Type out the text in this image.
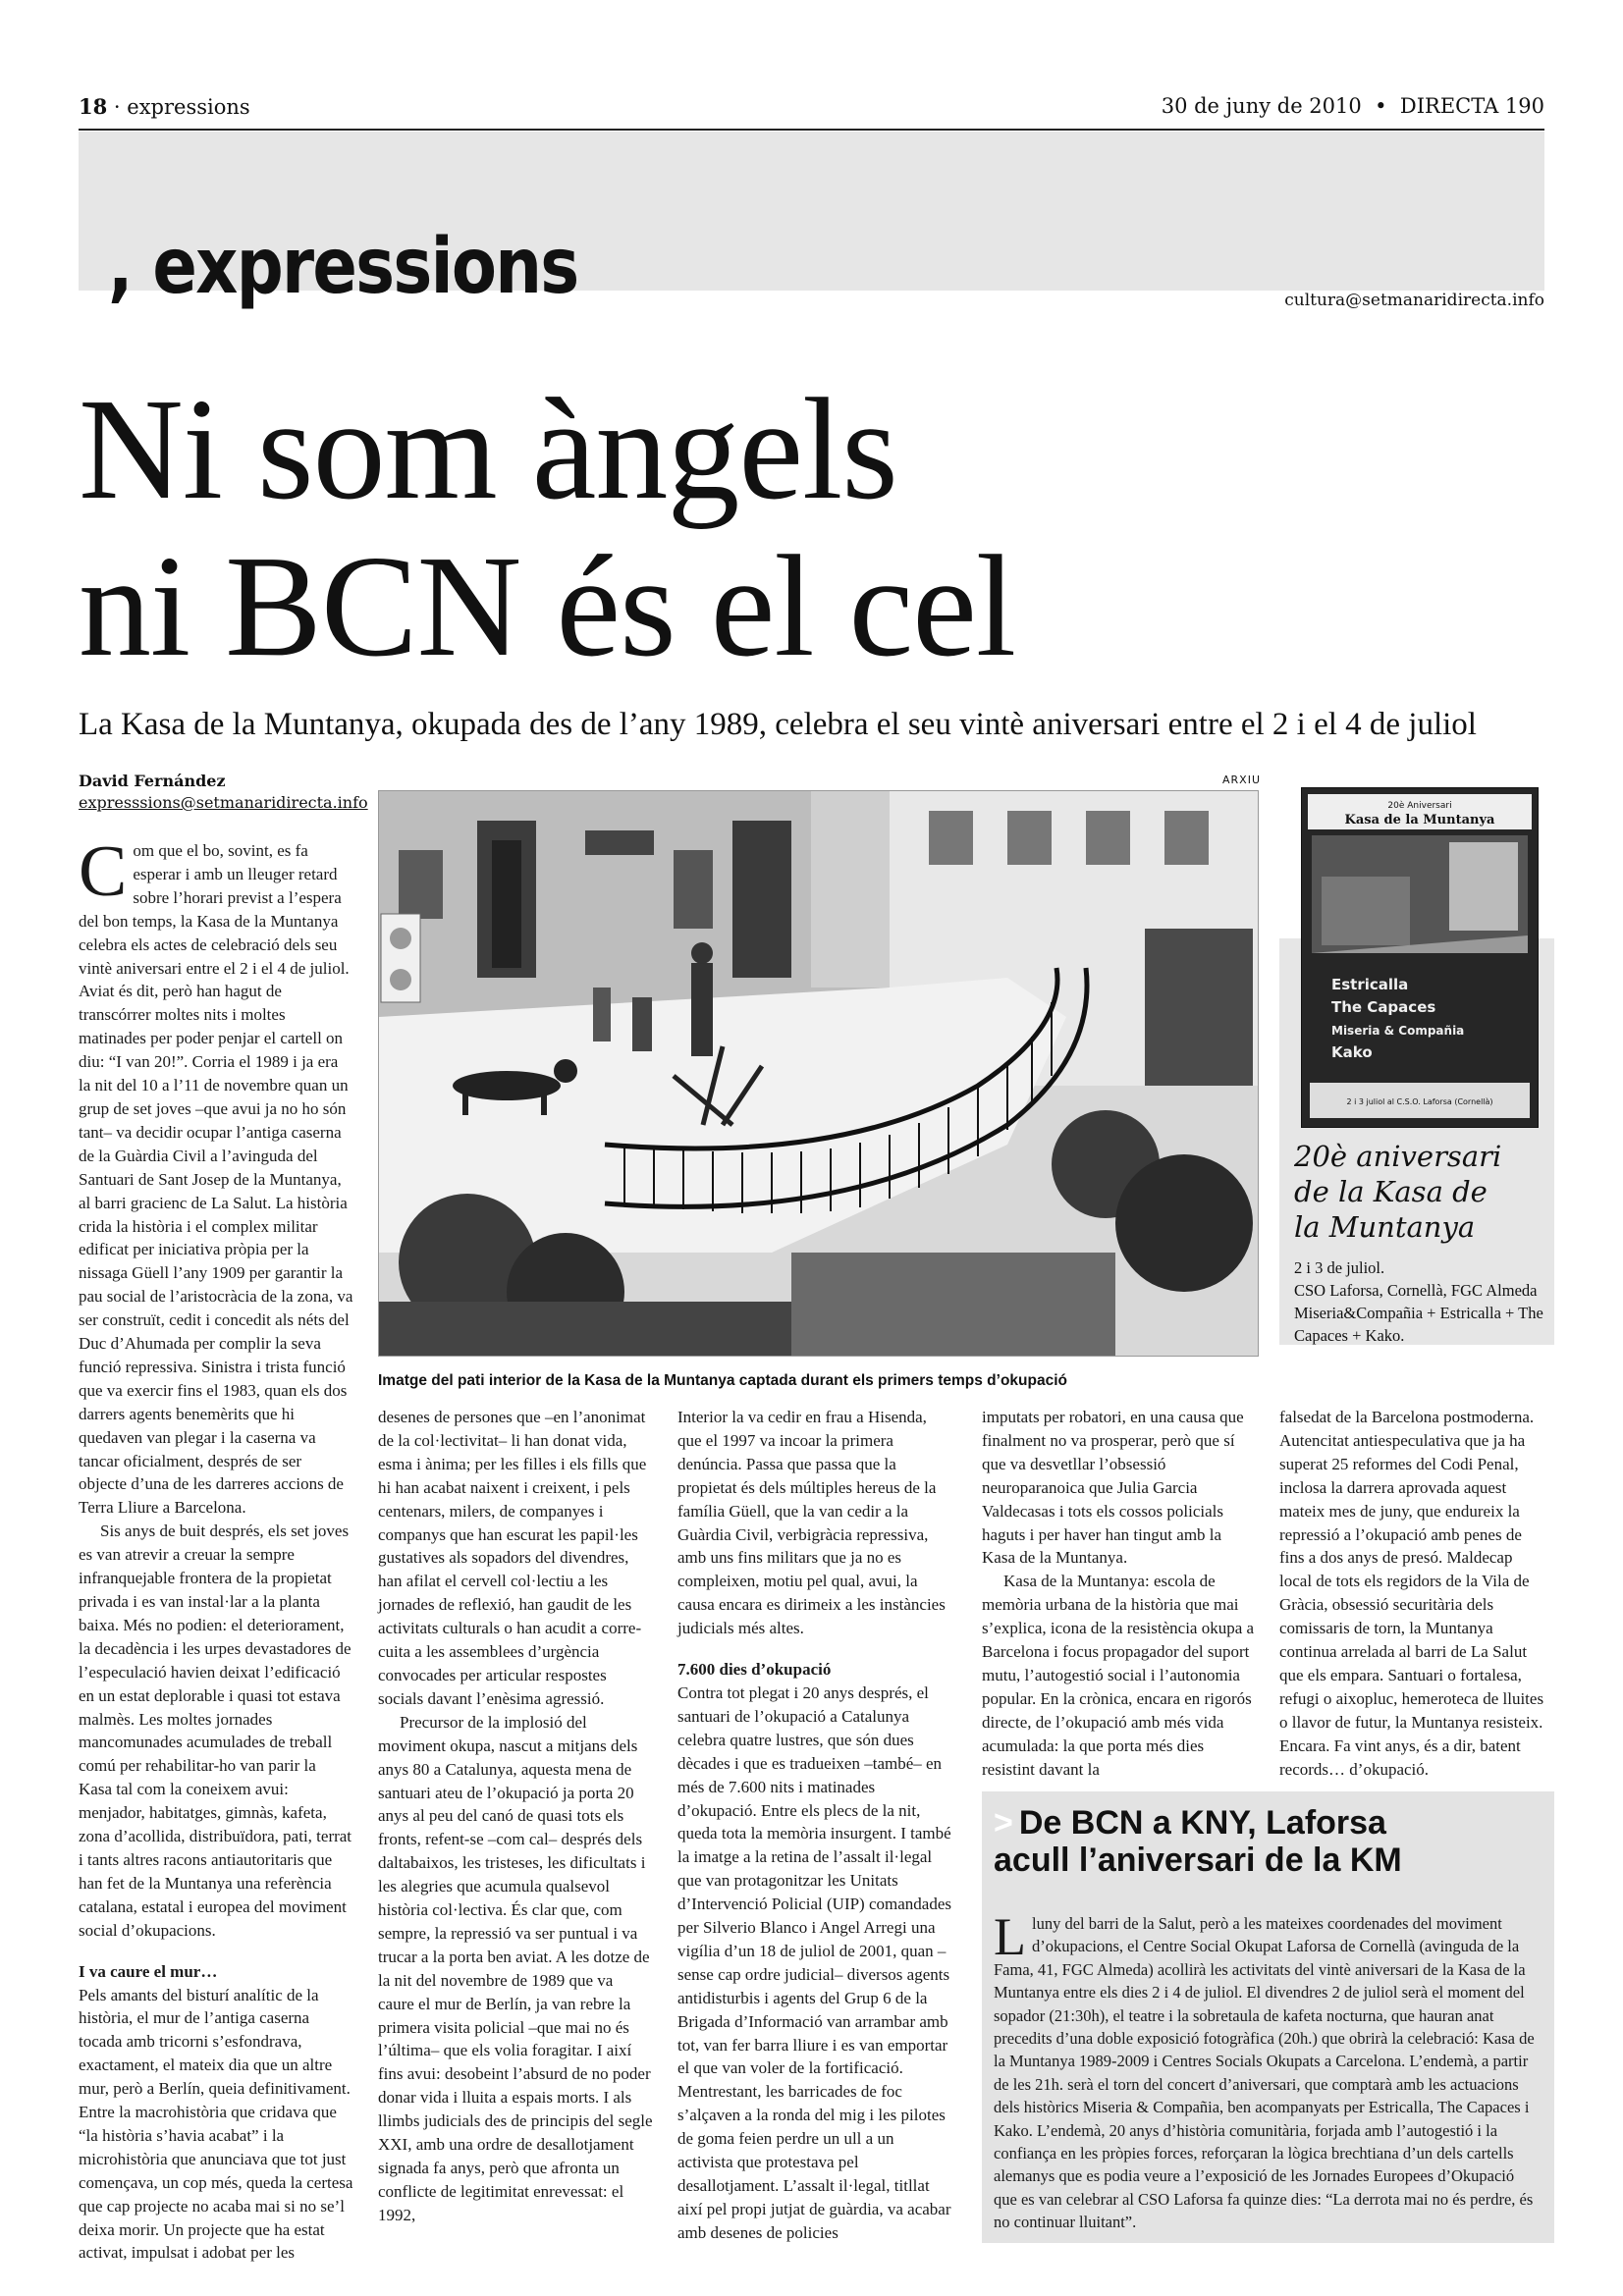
18 · expressions	30 de juny de 2010 • DIRECTA 190
, expressions	cultura@setmanaridirecta.info
Ni som àngels
ni BCN és el cel
La Kasa de la Muntanya, okupada des de l’any 1989, celebra el seu vintè aniversari entre el 2 i el 4 de juliol
David Fernández
expresssions@setmanaridirecta.info
ARXIU
Imatge del pati interior de la Kasa de la Muntanya captada durant els primers temps d’okupació
20è Aniversari
Kasa de la Muntanya
Estricalla
The Capaces
Miseria & Compañia
Kako
2 i 3 juliol al C.S.O. Laforsa (Cornellà)
20è aniversari
de la Kasa de
la Muntanya
2 i 3 de juliol.
CSO Laforsa, Cornellà, FGC Almeda Miseria&Compañia + Estricalla + The Capaces + Kako.

Com que el bo, sovint, es fa esperar i amb un lleuger retard sobre l’horari previst a l’espera del bon temps, la Kasa de la Muntanya celebra els actes de celebració dels seu vintè aniversari entre el 2 i el 4 de juliol. Aviat és dit, però han hagut de transcórrer moltes nits i moltes matinades per poder penjar el cartell on diu: “I van 20!”. Corria el 1989 i ja era la nit del 10 a l’11 de novembre quan un grup de set joves –que avui ja no ho són tant– va decidir ocupar l’antiga caserna de la Guàrdia Civil a l’avinguda del Santuari de Sant Josep de la Muntanya, al barri gracienc de La Salut. La història crida la història i el complex militar edificat per iniciativa pròpia per la nissaga Güell l’any 1909 per garantir la pau social de l’aristocràcia de la zona, va ser construït, cedit i concedit als néts del Duc d’Ahumada per complir la seva funció repressiva. Sinistra i trista funció que va exercir fins el 1983, quan els dos darrers agents benemèrits que hi quedaven van plegar i la caserna va tancar oficialment, després de ser objecte d’una de les darreres accions de Terra Lliure a Barcelona.

Sis anys de buit després, els set joves es van atrevir a creuar la sempre infranquejable frontera de la propietat privada i es van instal·lar a la planta baixa. Més no podien: el deteriorament, la decadència i les urpes devastadores de l’especulació havien deixat l’edificació en un estat deplorable i quasi tot estava malmès. Les moltes jornades mancomunades acumulades de treball comú per rehabilitar-ho van parir la Kasa tal com la coneixem avui: menjador, habitatges, gimnàs, kafeta, zona d’acollida, distribuïdora, pati, terrat i tants altres racons antiautoritaris que han fet de la Muntanya una referència catalana, estatal i europea del moviment social d’okupacions.

I va caure el mur…

Pels amants del bisturí analític de la història, el mur de l’antiga caserna tocada amb tricorni s’esfondrava, exactament, el mateix dia que un altre mur, però a Berlín, queia definitivament. Entre la macrohistòria que cridava que “la història s’havia acabat” i la microhistòria que anunciava que tot just començava, un cop més, queda la certesa que cap projecte no acaba mai si no se’l deixa morir. Un projecte que ha estat activat, impulsat i adobat per les

desenes de persones que –en l’anonimat de la col·lectivitat– li han donat vida, esma i ànima; per les filles i els fills que hi han acabat naixent i creixent, i pels centenars, milers, de companyes i companys que han escurat les papil·les gustatives als sopadors del divendres, han afilat el cervell col·lectiu a les jornades de reflexió, han gaudit de les activitats culturals o han acudit a corre-cuita a les assemblees d’urgència convocades per articular respostes socials davant l’enèsima agressió.

Precursor de la implosió del moviment okupa, nascut a mitjans dels anys 80 a Catalunya, aquesta mena de santuari ateu de l’okupació ja porta 20 anys al peu del canó de quasi tots els fronts, refent-se –com cal– després dels daltabaixos, les tristeses, les dificultats i les alegries que acumula qualsevol història col·lectiva. És clar que, com sempre, la repressió va ser puntual i va trucar a la porta ben aviat. A les dotze de la nit del novembre de 1989 que va caure el mur de Berlín, ja van rebre la primera visita policial –que mai no és l’última– que els volia foragitar. I així fins avui: desobeint l’absurd de no poder donar vida i lluita a espais morts. I als llimbs judicials des de principis del segle XXI, amb una ordre de desallotjament signada fa anys, però que afronta un conflicte de legitimitat enrevessat: el 1992,

Interior la va cedir en frau a Hisenda, que el 1997 va incoar la primera denúncia. Passa que passa que la propietat és dels múltiples hereus de la família Güell, que la van cedir a la Guàrdia Civil, verbigràcia repressiva, amb uns fins militars que ja no es compleixen, motiu pel qual, avui, la causa encara es dirimeix a les instàncies judicials més altes.

7.600 dies d’okupació

Contra tot plegat i 20 anys després, el santuari de l’okupació a Catalunya celebra quatre lustres, que són dues dècades i que es tradueixen –també– en més de 7.600 nits i matinades d’okupació. Entre els plecs de la nit, queda tota la memòria insurgent. I també la imatge a la retina de l’assalt il·legal que van protagonitzar les Unitats d’Intervenció Policial (UIP) comandades per Silverio Blanco i Angel Arregi una vigília d’un 18 de juliol de 2001, quan –sense cap ordre judicial– diversos agents antidisturbis i agents del Grup 6 de la Brigada d’Informació van arrambar amb tot, van fer barra lliure i es van emportar el que van voler de la fortificació. Mentrestant, les barricades de foc s’alçaven a la ronda del mig i les pilotes de goma feien perdre un ull a un activista que protestava pel desallotjament. L’assalt il·legal, titllat així pel propi jutjat de guàrdia, va acabar amb desenes de policies

imputats per robatori, en una causa que finalment no va prosperar, però que sí que va desvetllar l’obsessió neuroparanoica que Julia Garcia Valdecasas i tots els cossos policials haguts i per haver han tingut amb la Kasa de la Muntanya.

Kasa de la Muntanya: escola de memòria urbana de la història que mai s’explica, icona de la resistència okupa a Barcelona i focus propagador del suport mutu, l’autogestió social i l’autonomia popular. En la crònica, encara en rigorós directe, de l’okupació amb més vida acumulada: la que porta més dies resistint davant la

falsedat de la Barcelona postmoderna. Autencitat antiespeculativa que ja ha superat 25 reformes del Codi Penal, inclosa la darrera aprovada aquest mateix mes de juny, que endureix la repressió a l’okupació amb penes de fins a dos anys de presó. Maldecap local de tots els regidors de la Vila de Gràcia, obsessió securitària dels comissaris de torn, la Muntanya continua arrelada al barri de La Salut que els empara. Santuari o fortalesa, refugi o aixopluc, hemeroteca de lluites o llavor de futur, la Muntanya resisteix. Encara. Fa vint anys, és a dir, batent records… d’okupació.

> De BCN a KNY, Laforsa
acull l’aniversari de la KM

Lluny del barri de la Salut, però a les mateixes coordenades del moviment d’okupacions, el Centre Social Okupat Laforsa de Cornellà (avinguda de la Fama, 41, FGC Almeda) acollirà les activitats del vintè aniversari de la Kasa de la Muntanya entre els dies 2 i 4 de juliol. El divendres 2 de juliol serà el moment del sopador (21:30h), el teatre i la sobretaula de kafeta nocturna, que hauran anat precedits d’una doble exposició fotogràfica (20h.) que obrirà la celebració: Kasa de la Muntanya 1989-2009 i Centres Socials Okupats a Carcelona. L’endemà, a partir de les 21h. serà el torn del concert d’aniversari, que comptarà amb les actuacions dels històrics Miseria & Compañia, ben acompanyats per Estricalla, The Capaces i Kako. L’endemà, 20 anys d’història comunitària, forjada amb l’autogestió i la confiança en les pròpies forces, reforçaran la lògica brechtiana d’un dels cartells alemanys que es podia veure a l’exposició de les Jornades Europees d’Okupació que es van celebrar al CSO Laforsa fa quinze dies: “La derrota mai no és perdre, és no continuar lluitant”.
